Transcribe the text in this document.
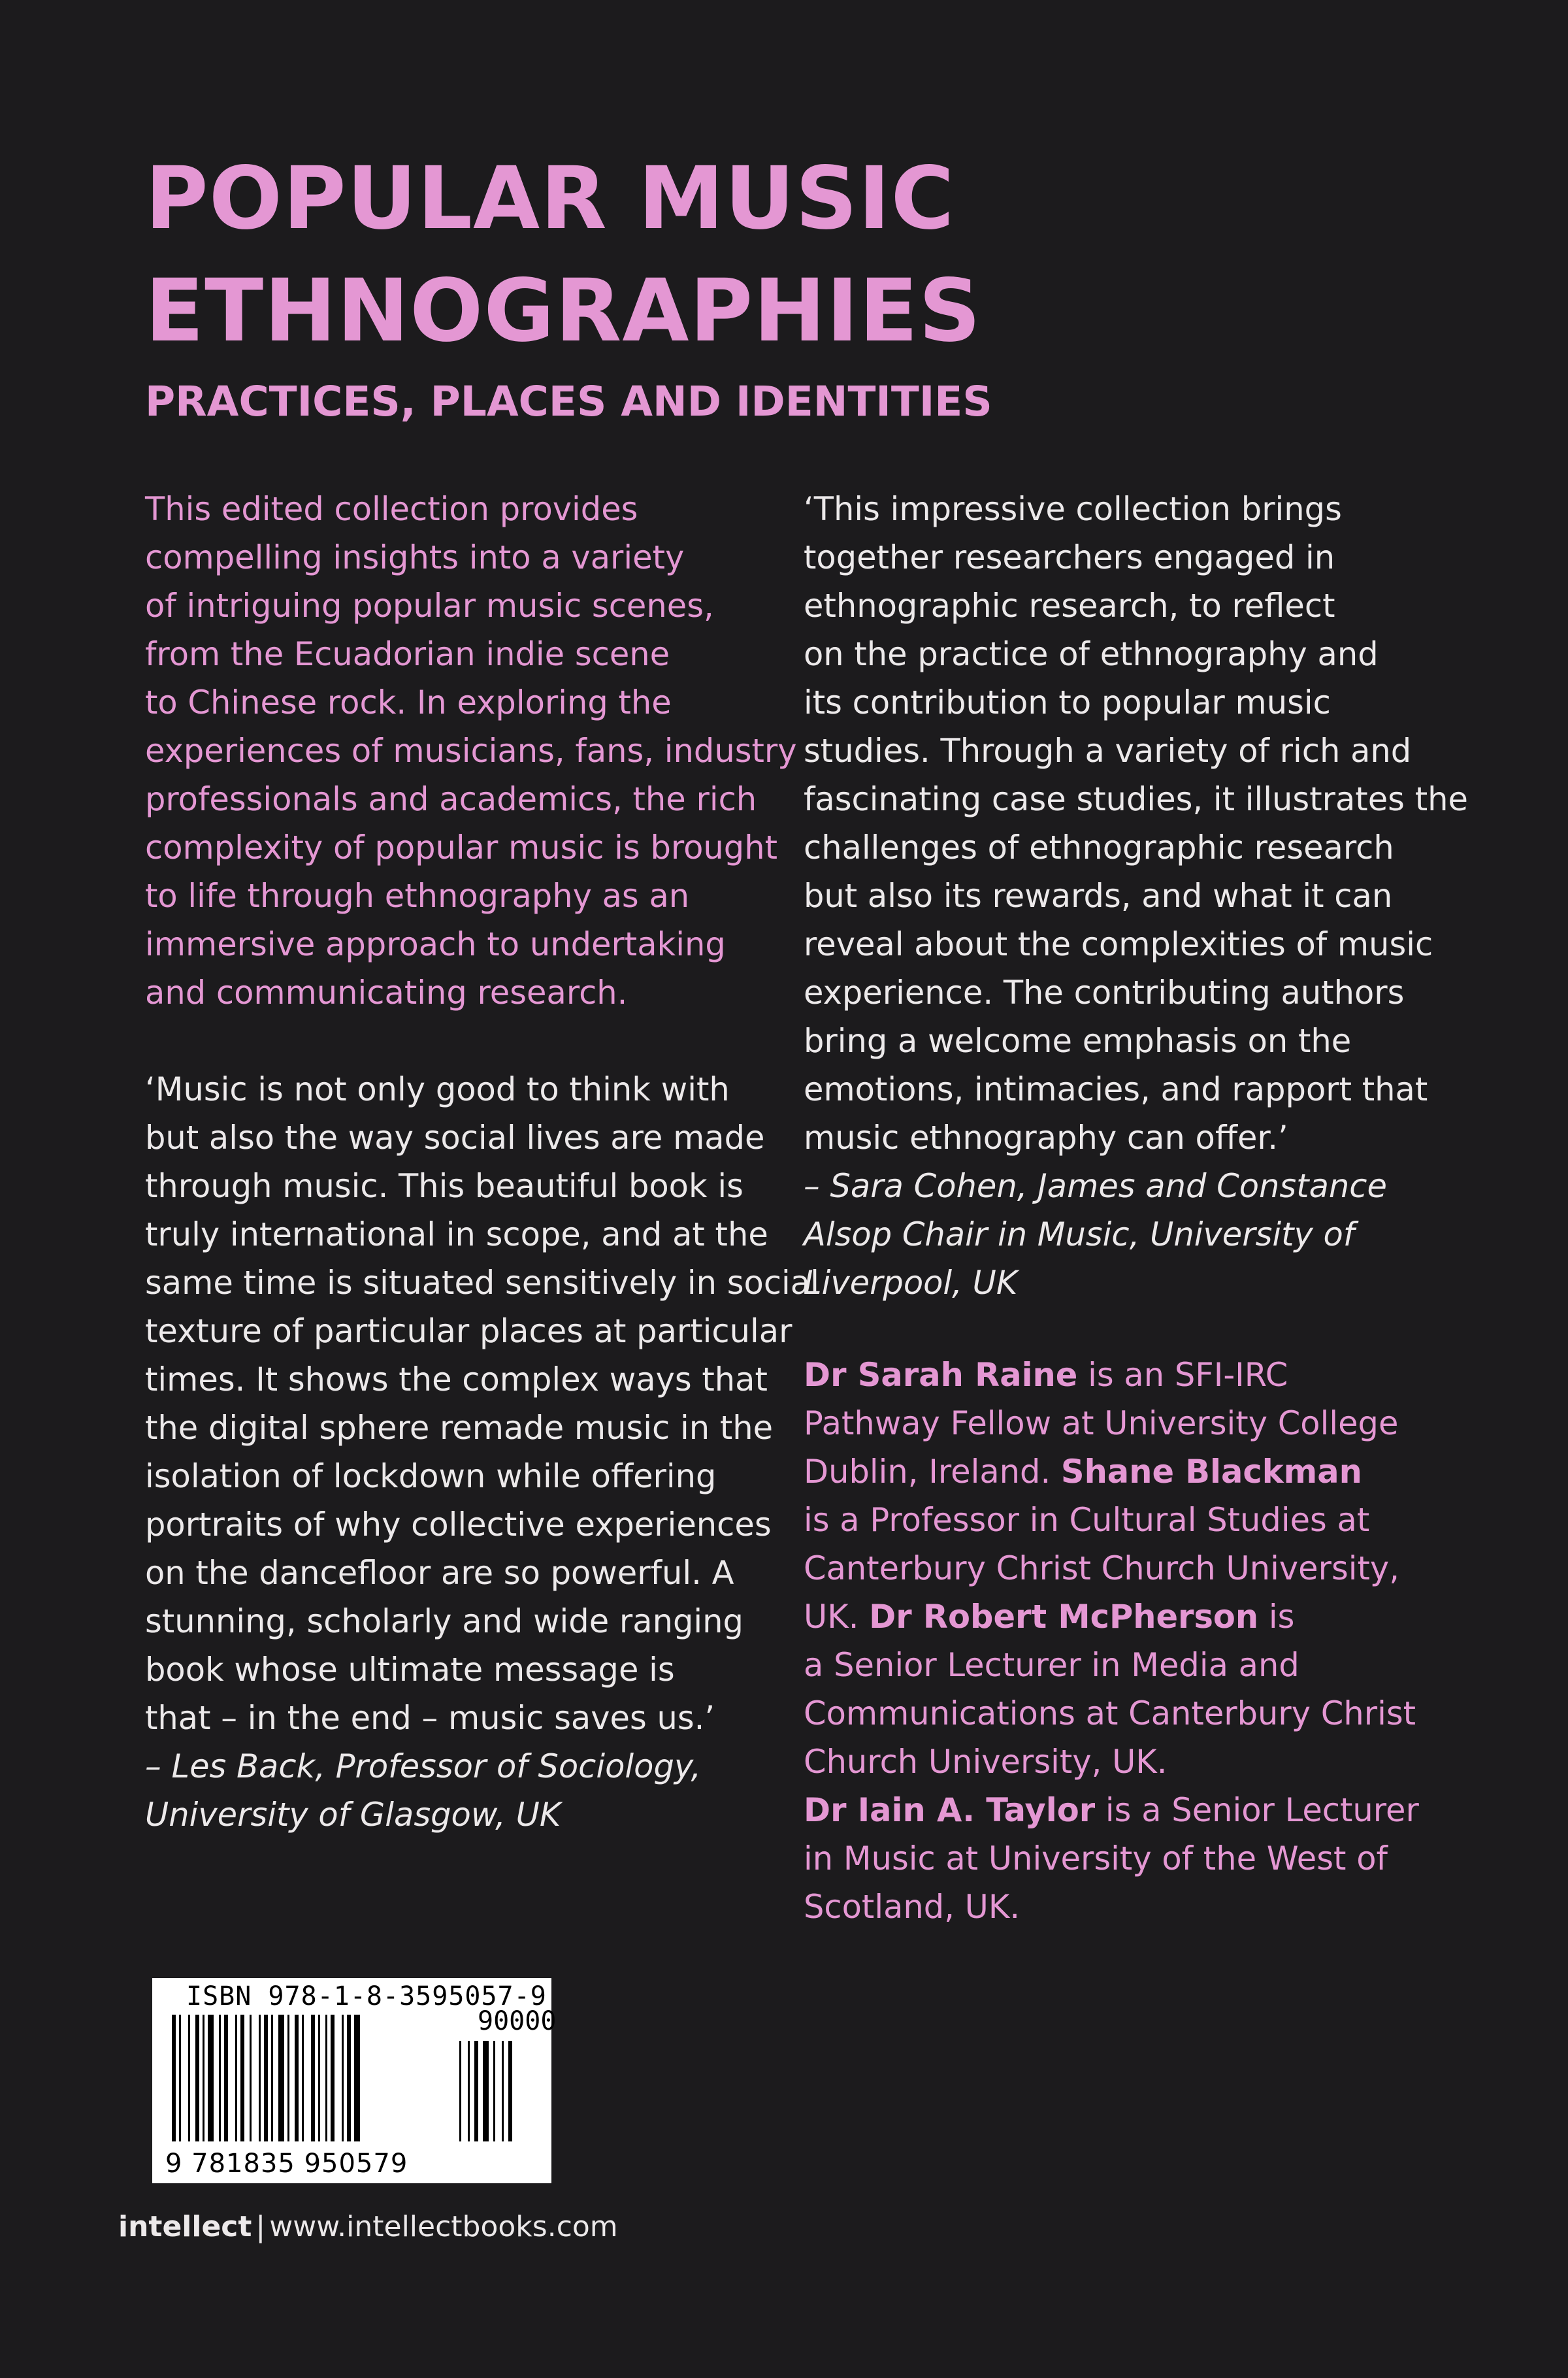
POPULAR MUSIC
ETHNOGRAPHIES
PRACTICES, PLACES AND IDENTITIES
This edited collection provides
compelling insights into a variety
of intriguing popular music scenes,
from the Ecuadorian indie scene
to Chinese rock. In exploring the
experiences of musicians, fans, industry
professionals and academics, the rich
complexity of popular music is brought
to life through ethnography as an
immersive approach to undertaking
and communicating research.
‘Music is not only good to think with
but also the way social lives are made
through music. This beautiful book is
truly international in scope, and at the
same time is situated sensitively in social
texture of particular places at particular
times. It shows the complex ways that
the digital sphere remade music in the
isolation of lockdown while offering
portraits of why collective experiences
on the dancefloor are so powerful. A
stunning, scholarly and wide ranging
book whose ultimate message is
that – in the end – music saves us.’
– Les Back, Professor of Sociology,
University of Glasgow, UK
‘This impressive collection brings
together researchers engaged in
ethnographic research, to reflect
on the practice of ethnography and
its contribution to popular music
studies. Through a variety of rich and
fascinating case studies, it illustrates the
challenges of ethnographic research
but also its rewards, and what it can
reveal about the complexities of music
experience. The contributing authors
bring a welcome emphasis on the
emotions, intimacies, and rapport that
music ethnography can offer.’
– Sara Cohen, James and Constance
Alsop Chair in Music, University of
Liverpool, UK
Dr Sarah Raine is an SFI-IRC
Pathway Fellow at University College
Dublin, Ireland. Shane Blackman
is a Professor in Cultural Studies at
Canterbury Christ Church University,
UK. Dr Robert McPherson is
a Senior Lecturer in Media and
Communications at Canterbury Christ
Church University, UK.
Dr Iain A. Taylor is a Senior Lecturer
in Music at University of the West of
Scotland, UK.
ISBN 978-1-8-3595057-9
90000
9 781835 950579
intellect | www.intellectbooks.com
